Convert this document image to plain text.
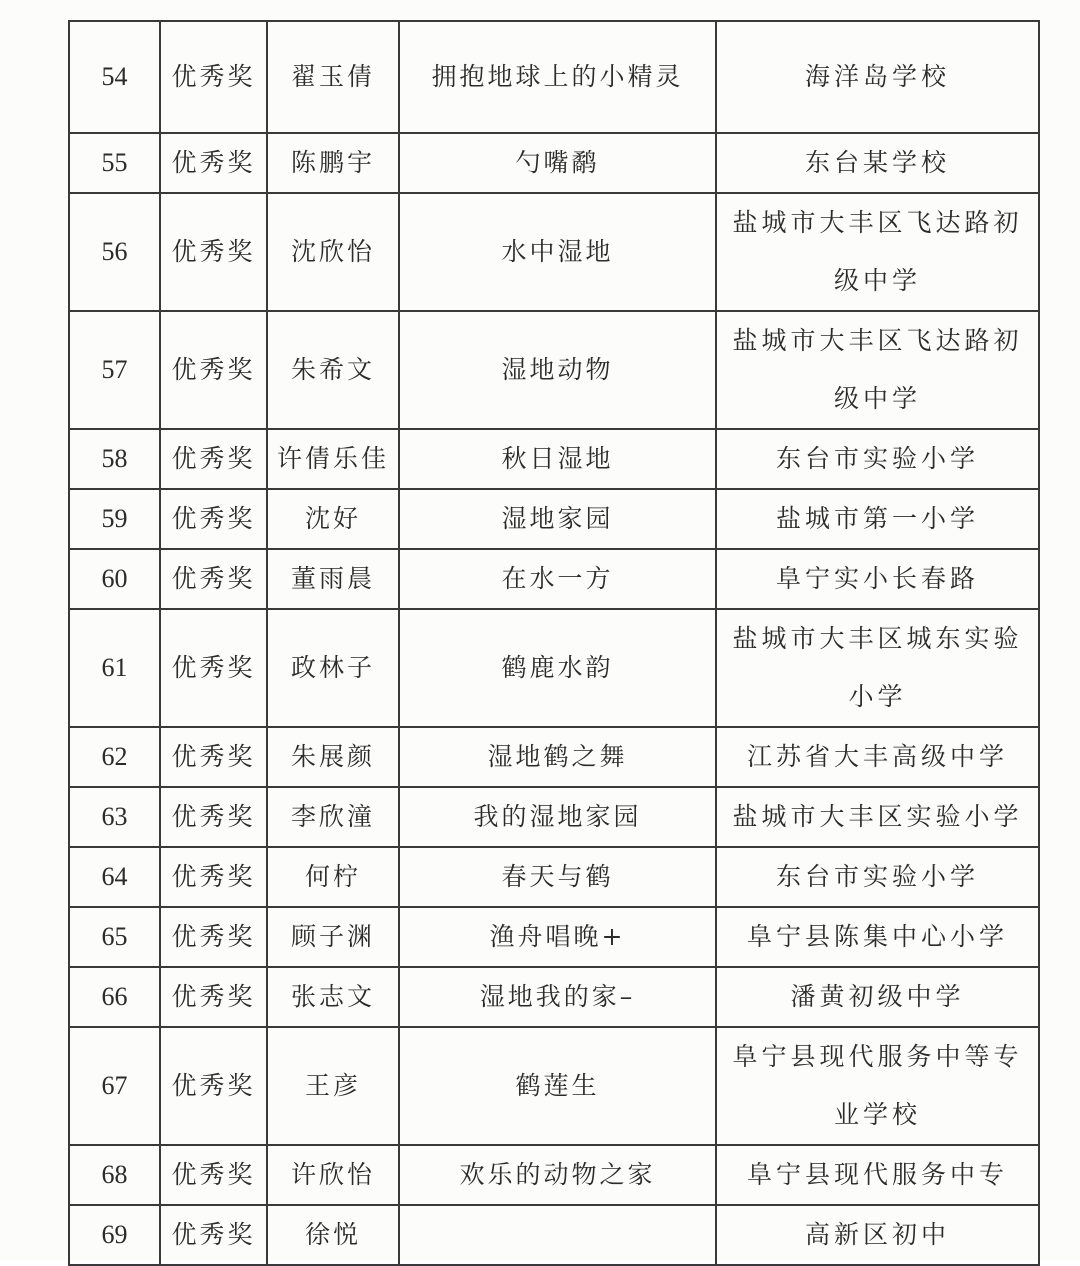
54	优秀奖	翟玉倩	拥抱地球上的小精灵	海洋岛学校
55	优秀奖	陈鹏宇	勺嘴鹬	东台某学校
56	优秀奖	沈欣怡	水中湿地	盐城市大丰区飞达路初级中学
57	优秀奖	朱希文	湿地动物	盐城市大丰区飞达路初级中学
58	优秀奖	许倩乐佳	秋日湿地	东台市实验小学
59	优秀奖	沈好	湿地家园	盐城市第一小学
60	优秀奖	董雨晨	在水一方	阜宁实小长春路
61	优秀奖	政林子	鹤鹿水韵	盐城市大丰区城东实验小学
62	优秀奖	朱展颜	湿地鹤之舞	江苏省大丰高级中学
63	优秀奖	李欣潼	我的湿地家园	盐城市大丰区实验小学
64	优秀奖	何柠	春天与鹤	东台市实验小学
65	优秀奖	顾子渊	渔舟唱晚+	阜宁县陈集中心小学
66	优秀奖	张志文	湿地我的家–	潘黄初级中学
67	优秀奖	王彦	鹤莲生	阜宁县现代服务中等专业学校
68	优秀奖	许欣怡	欢乐的动物之家	阜宁县现代服务中专
69	优秀奖	徐悦		高新区初中
